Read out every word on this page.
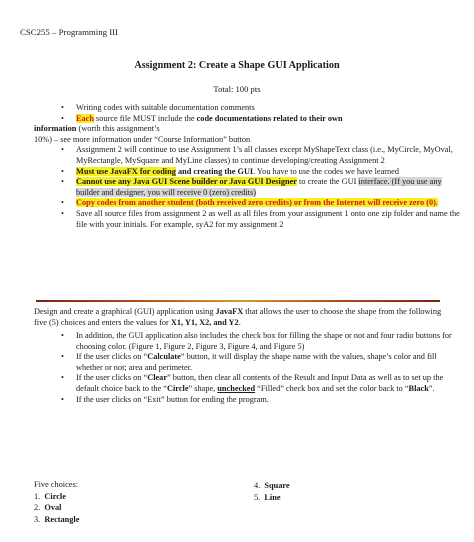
CSC255 – Programming III
Assignment 2: Create a Shape GUI Application
Total: 100 pts
• Writing codes with suitable documentation comments
• Each source file MUST include the code documentations related to their own
information (worth this assignment’s
10%) – see more information under “Course Information” button
• Assignment 2 will continue to use Assignment 1’s all classes except MyShapeText class (i.e., MyCircle, MyOval, MyRectangle, MySquare and MyLine classes) to continue developing/creating Assignment 2
• Must use JavaFX for coding and creating the GUI. You have to use the codes we have learned
• Cannot use any Java GUI Scene builder or Java GUI Designer to create the GUI interface. (If you use any builder and designer, you will receive 0 (zero) credits)
• Copy codes from another student (both received zero credits) or from the Internet will receive zero (0).
• Save all source files from assignment 2 as well as all files from your assignment 1 onto one zip folder and name the file with your initials. For example, syA2 for my assignment 2
Design and create a graphical (GUI) application using JavaFX that allows the user to choose the shape from the following five (5) choices and enters the values for X1, Y1, X2, and Y2.
• In addition, the GUI application also includes the check box for filling the shape or not and four radio buttons for choosing color. (Figure 1, Figure 2, Figure 3, Figure 4, and Figure 5)
• If the user clicks on “Calculate” button, it will display the shape name with the values, shape’s color and fill whether or not; area and perimeter.
• If the user clicks on “Clear” button, then clear all contents of the Result and Input Data as well as to set up the default choice back to the “Circle” shape, unchecked “Filled” check box and set the color back to “Black”.
• If the user clicks on “Exit” button for ending the program.
Five choices:
1. Circle
2. Oval
3. Rectangle
4. Square
5. Line
